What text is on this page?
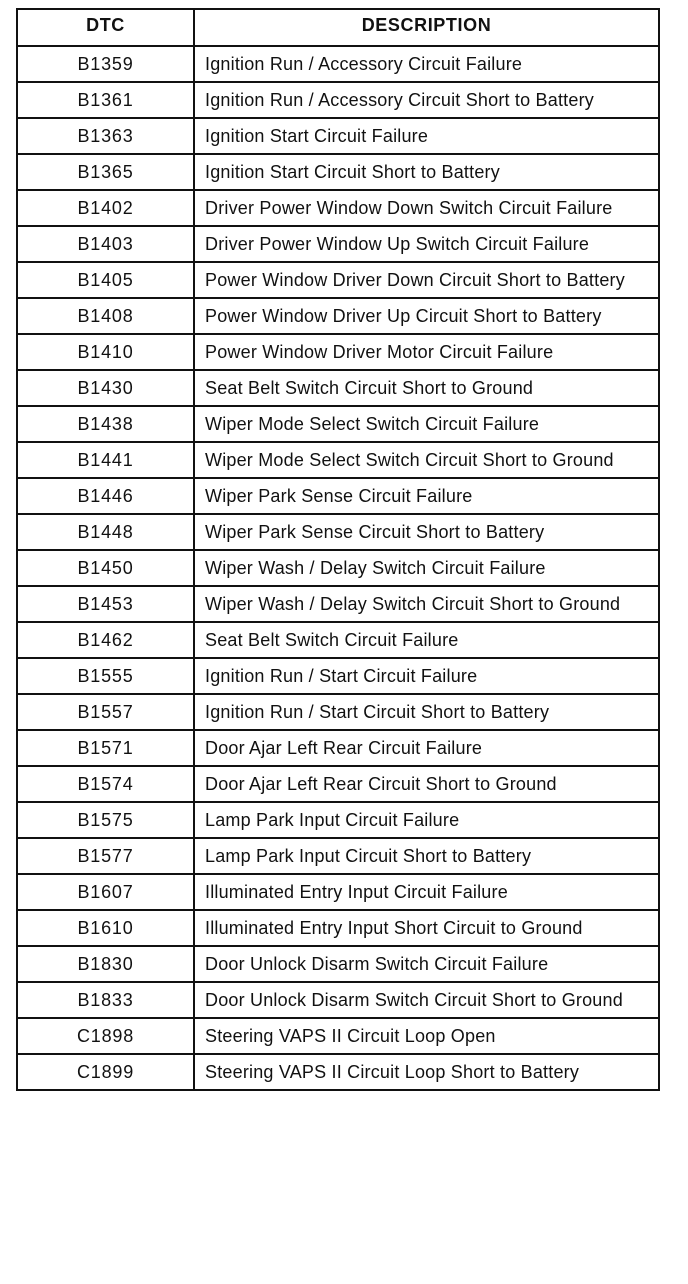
DTC	DESCRIPTION
B1359	Ignition Run / Accessory Circuit Failure
B1361	Ignition Run / Accessory Circuit Short to Battery
B1363	Ignition Start Circuit Failure
B1365	Ignition Start Circuit Short to Battery
B1402	Driver Power Window Down Switch Circuit Failure
B1403	Driver Power Window Up Switch Circuit Failure
B1405	Power Window Driver Down Circuit Short to Battery
B1408	Power Window Driver Up Circuit Short to Battery
B1410	Power Window Driver Motor Circuit Failure
B1430	Seat Belt Switch Circuit Short to Ground
B1438	Wiper Mode Select Switch Circuit Failure
B1441	Wiper Mode Select Switch Circuit Short to Ground
B1446	Wiper Park Sense Circuit Failure
B1448	Wiper Park Sense Circuit Short to Battery
B1450	Wiper Wash / Delay Switch Circuit Failure
B1453	Wiper Wash / Delay Switch Circuit Short to Ground
B1462	Seat Belt Switch Circuit Failure
B1555	Ignition Run / Start Circuit Failure
B1557	Ignition Run / Start Circuit Short to Battery
B1571	Door Ajar Left Rear Circuit Failure
B1574	Door Ajar Left Rear Circuit Short to Ground
B1575	Lamp Park Input Circuit Failure
B1577	Lamp Park Input Circuit Short to Battery
B1607	Illuminated Entry Input Circuit Failure
B1610	Illuminated Entry Input Short Circuit to Ground
B1830	Door Unlock Disarm Switch Circuit Failure
B1833	Door Unlock Disarm Switch Circuit Short to Ground
C1898	Steering VAPS II Circuit Loop Open
C1899	Steering VAPS II Circuit Loop Short to Battery
